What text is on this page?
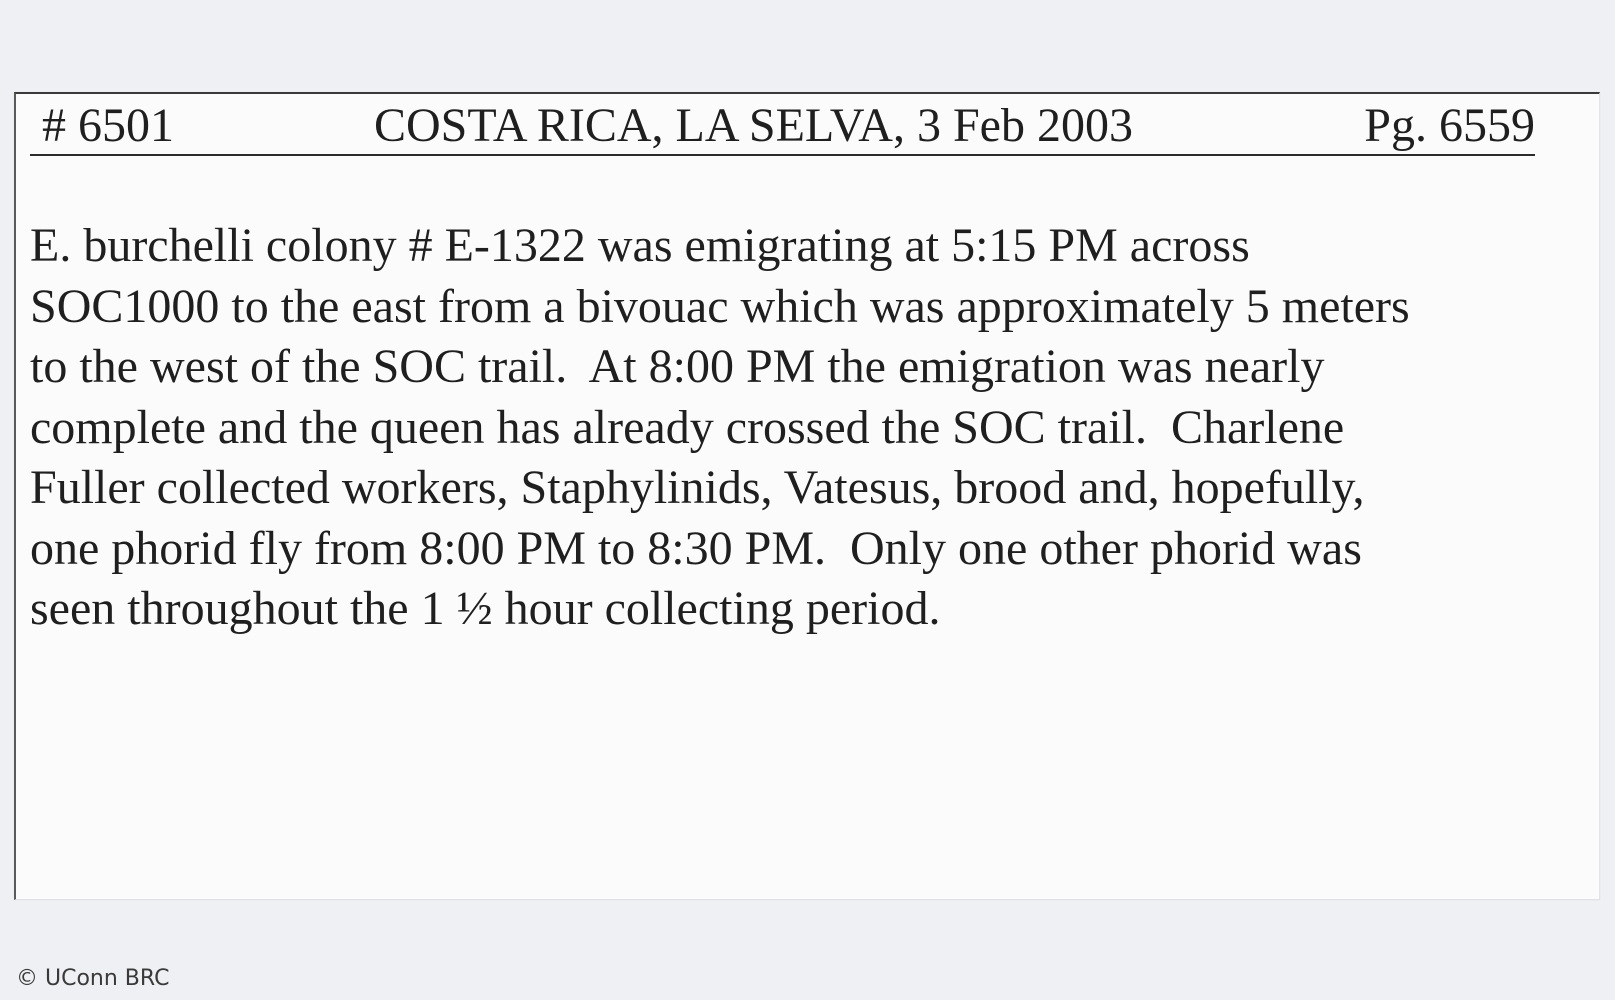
# 6501	COSTA RICA, LA SELVA, 3 Feb 2003	Pg. 6559
E. burchelli colony # E-1322 was emigrating at 5:15 PM across
SOC1000 to the east from a bivouac which was approximately 5 meters
to the west of the SOC trail.  At 8:00 PM the emigration was nearly
complete and the queen has already crossed the SOC trail.  Charlene
Fuller collected workers, Staphylinids, Vatesus, brood and, hopefully,
one phorid fly from 8:00 PM to 8:30 PM.  Only one other phorid was
seen throughout the 1 ½ hour collecting period.
© UConn BRC
